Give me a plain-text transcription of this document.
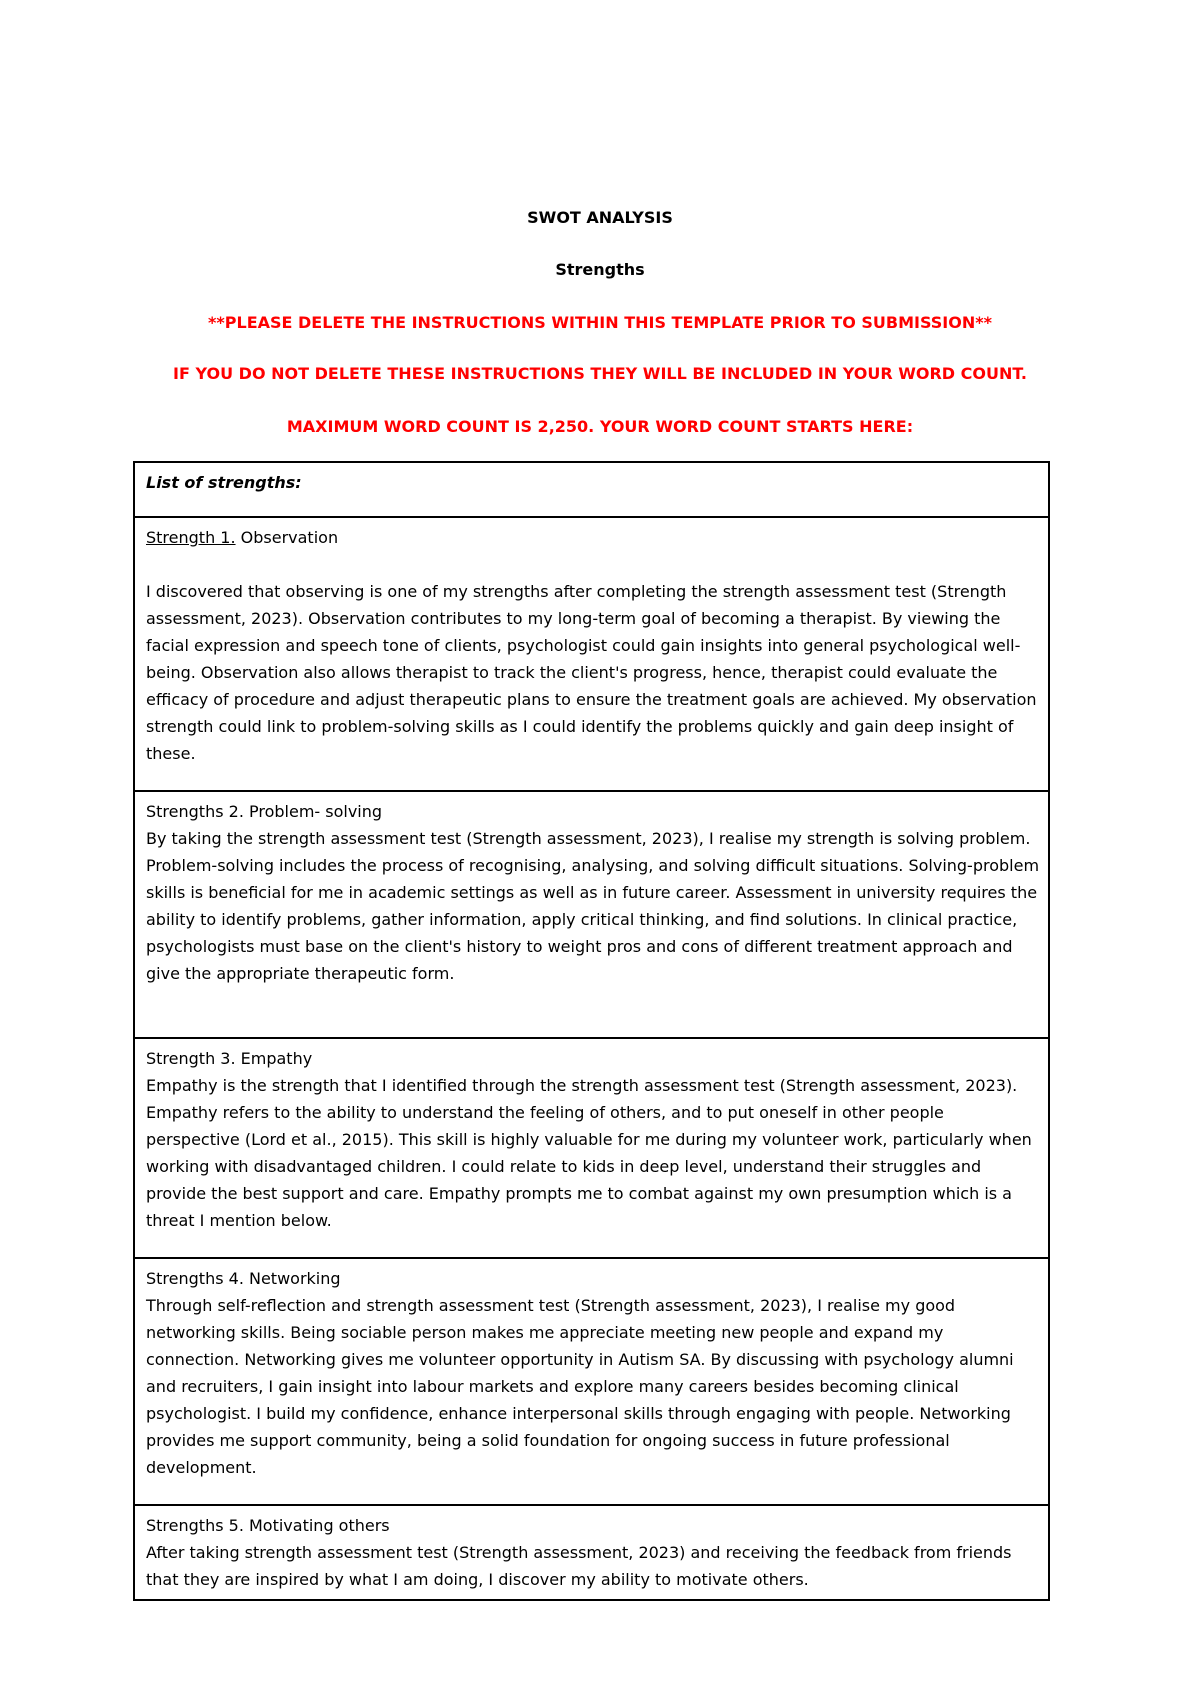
SWOT ANALYSIS
Strengths
**PLEASE DELETE THE INSTRUCTIONS WITHIN THIS TEMPLATE PRIOR TO SUBMISSION**
IF YOU DO NOT DELETE THESE INSTRUCTIONS THEY WILL BE INCLUDED IN YOUR WORD COUNT.
MAXIMUM WORD COUNT IS 2,250. YOUR WORD COUNT STARTS HERE:
List of strengths:

Strength 1. Observation
I discovered that observing is one of my strengths after completing the strength assessment test (Strength assessment, 2023). Observation contributes to my long-term goal of becoming a therapist. By viewing the facial expression and speech tone of clients, psychologist could gain insights into general psychological well-being. Observation also allows therapist to track the client's progress, hence, therapist could evaluate the efficacy of procedure and adjust therapeutic plans to ensure the treatment goals are achieved. My observation strength could link to problem-solving skills as I could identify the problems quickly and gain deep insight of these.

Strengths 2. Problem- solving
By taking the strength assessment test (Strength assessment, 2023), I realise my strength is solving problem. Problem-solving includes the process of recognising, analysing, and solving difficult situations. Solving-problem skills is beneficial for me in academic settings as well as in future career. Assessment in university requires the ability to identify problems, gather information, apply critical thinking, and find solutions. In clinical practice, psychologists must base on the client's history to weight pros and cons of different treatment approach and give the appropriate therapeutic form.

Strength 3. Empathy
Empathy is the strength that I identified through the strength assessment test (Strength assessment, 2023). Empathy refers to the ability to understand the feeling of others, and to put oneself in other people perspective (Lord et al., 2015). This skill is highly valuable for me during my volunteer work, particularly when working with disadvantaged children. I could relate to kids in deep level, understand their struggles and provide the best support and care. Empathy prompts me to combat against my own presumption which is a threat I mention below.

Strengths 4. Networking
Through self-reflection and strength assessment test (Strength assessment, 2023), I realise my good networking skills. Being sociable person makes me appreciate meeting new people and expand my connection. Networking gives me volunteer opportunity in Autism SA. By discussing with psychology alumni and recruiters, I gain insight into labour markets and explore many careers besides becoming clinical psychologist. I build my confidence, enhance interpersonal skills through engaging with people. Networking provides me support community, being a solid foundation for ongoing success in future professional development.

Strengths 5. Motivating others
After taking strength assessment test (Strength assessment, 2023) and receiving the feedback from friends that they are inspired by what I am doing, I discover my ability to motivate others.
